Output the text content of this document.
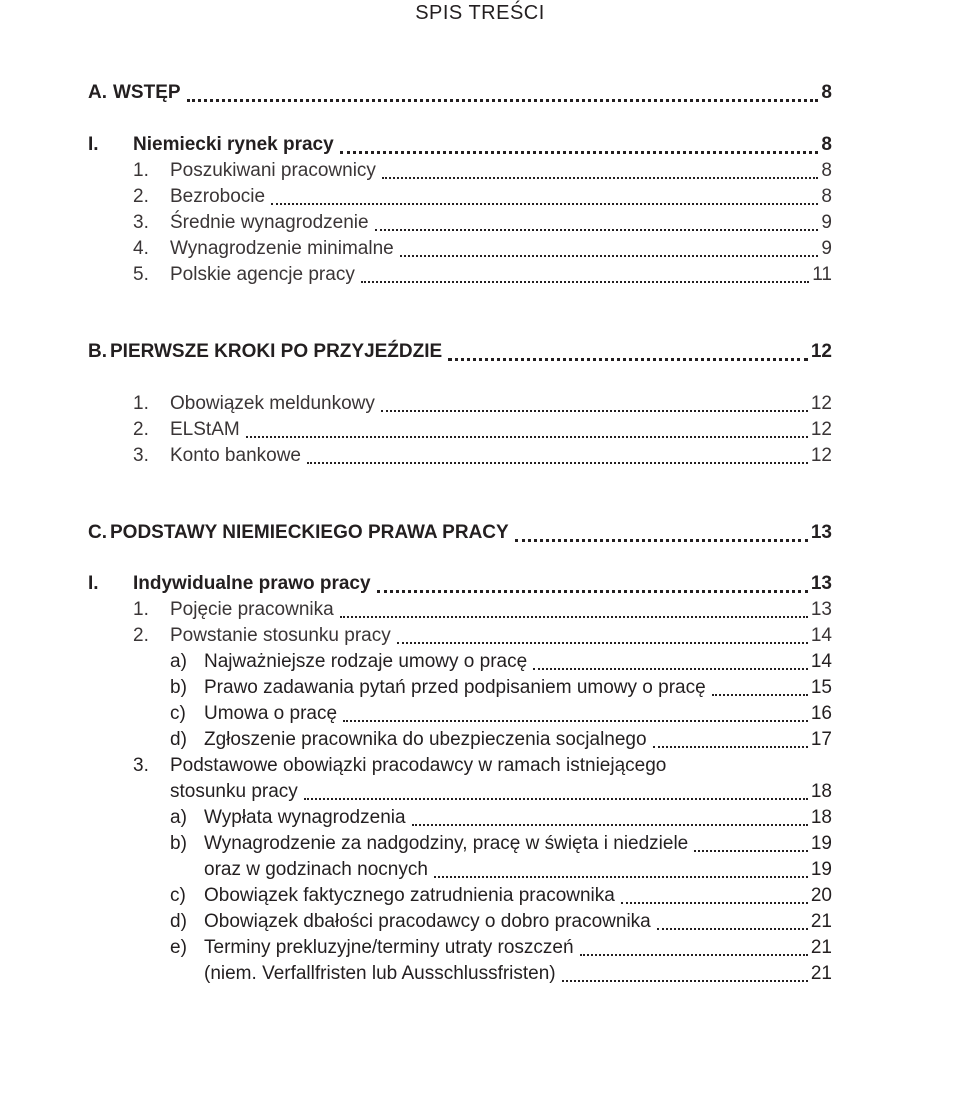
SPIS TREŚCI
A. WSTĘP	8
I. Niemiecki rynek pracy	8
1. Poszukiwani pracownicy	8
2. Bezrobocie	8
3. Średnie wynagrodzenie	9
4. Wynagrodzenie minimalne	9
5. Polskie agencje pracy	11
B. PIERWSZE KROKI PO PRZYJEŹDZIE	12
1. Obowiązek meldunkowy	12
2. ELStAM	12
3. Konto bankowe	12
C. PODSTAWY NIEMIECKIEGO PRAWA PRACY	13
I. Indywidualne prawo pracy	13
1. Pojęcie pracownika	13
2. Powstanie stosunku pracy	14
a) Najważniejsze rodzaje umowy o pracę	14
b) Prawo zadawania pytań przed podpisaniem umowy o pracę	15
c) Umowa o pracę	16
d) Zgłoszenie pracownika do ubezpieczenia socjalnego	17
3. Podstawowe obowiązki pracodawcy w ramach istniejącego
stosunku pracy	18
a) Wypłata wynagrodzenia	18
b) Wynagrodzenie za nadgodziny, pracę w święta i niedziele	19
oraz w godzinach nocnych	19
c) Obowiązek faktycznego zatrudnienia pracownika	20
d) Obowiązek dbałości pracodawcy o dobro pracownika	21
e) Terminy prekluzyjne/terminy utraty roszczeń	21
(niem. Verfallfristen lub Ausschlussfristen)	21
